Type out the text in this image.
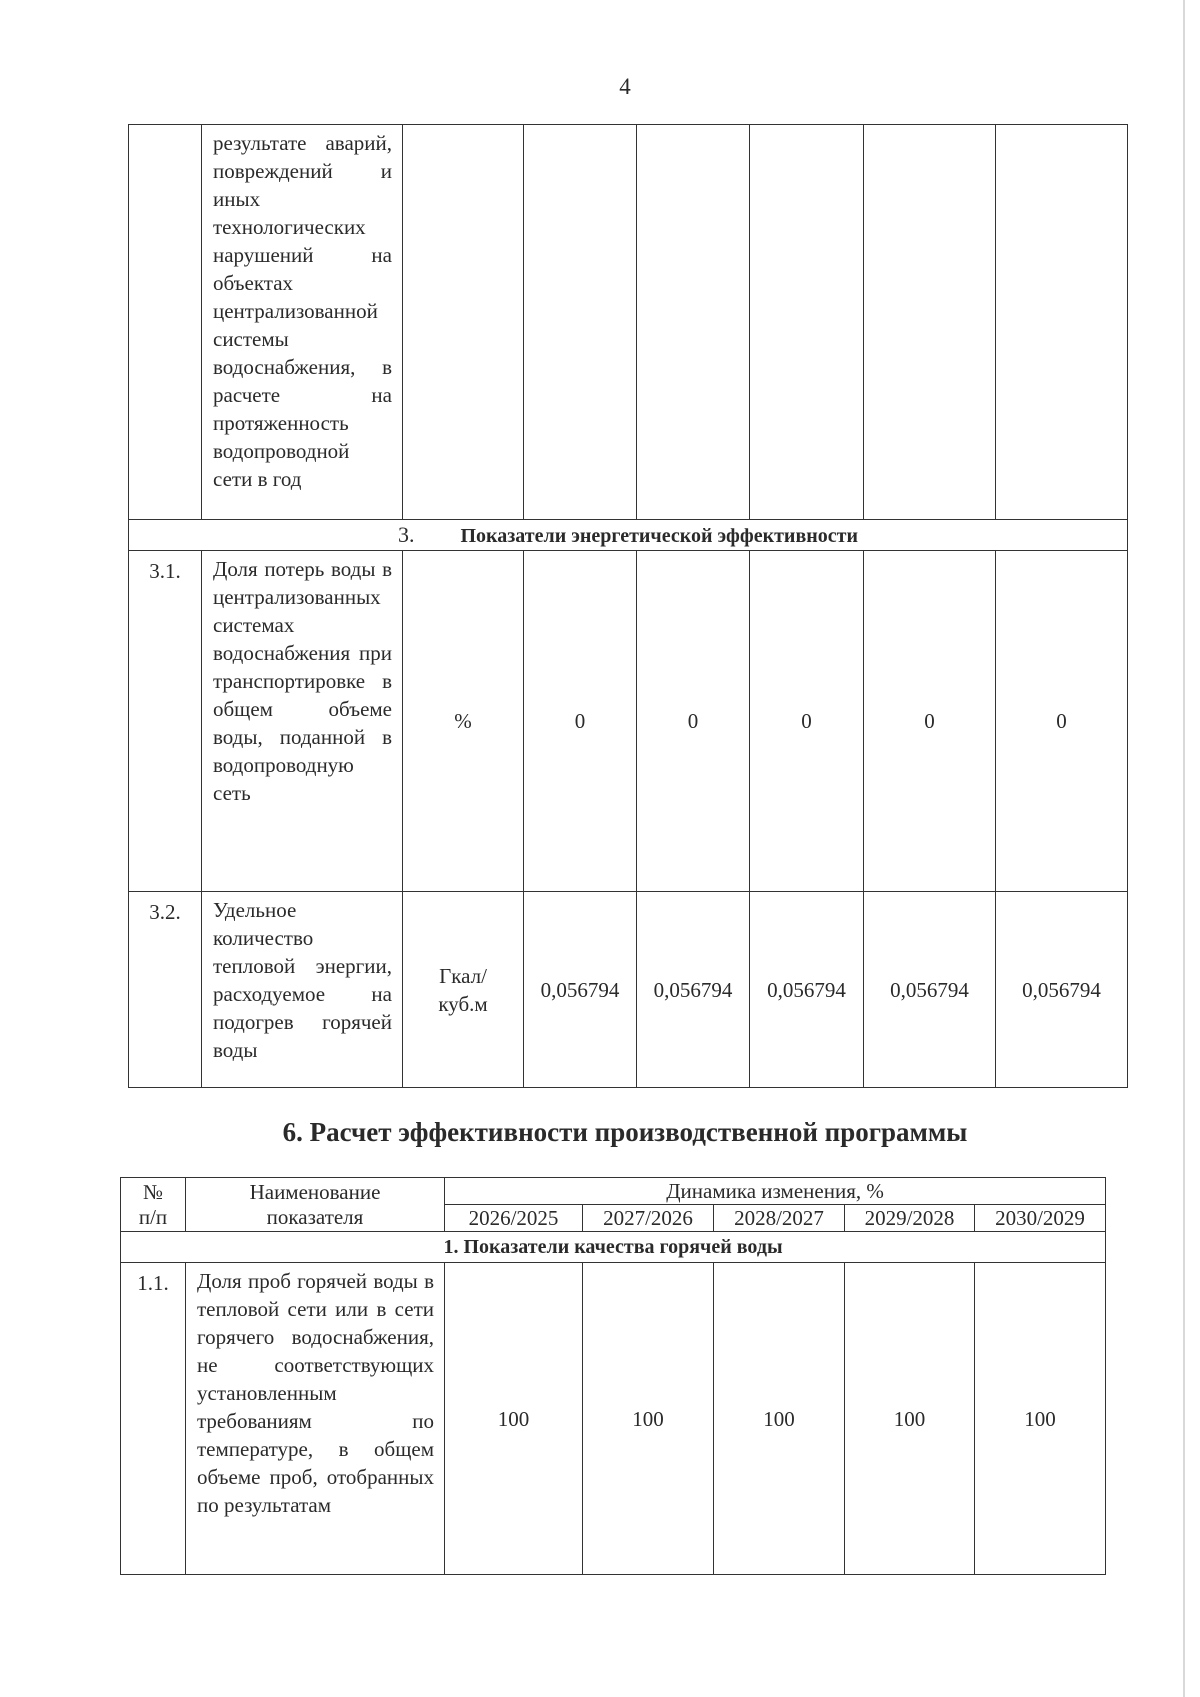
4
	результате аварий, повреждений и иных технологических нарушений на объектах централизованной системы водоснабжения, в расчете на протяженность водопроводной сети в год						
3. Показатели энергетической эффективности							
3.1.	Доля потерь воды в централизованных системах водоснабжения при транспортировке в общем объеме воды, поданной в водопроводную сеть	%	0	0	0	0	0
3.2.	Удельное количество тепловой энергии, расходуемое на подогрев горячей воды	Гкал/ куб.м	0,056794	0,056794	0,056794	0,056794	0,056794
6. Расчет эффективности производственной программы
№ п/п	Наименование показателя	Динамика изменения, %				
		2026/2025	2027/2026	2028/2027	2029/2028	2030/2029
1. Показатели качества горячей воды						
1.1.	Доля проб горячей воды в тепловой сети или в сети горячего водоснабжения, не соответствующих установленным требованиям по температуре, в общем объеме проб, отобранных по результатам	100	100	100	100	100
